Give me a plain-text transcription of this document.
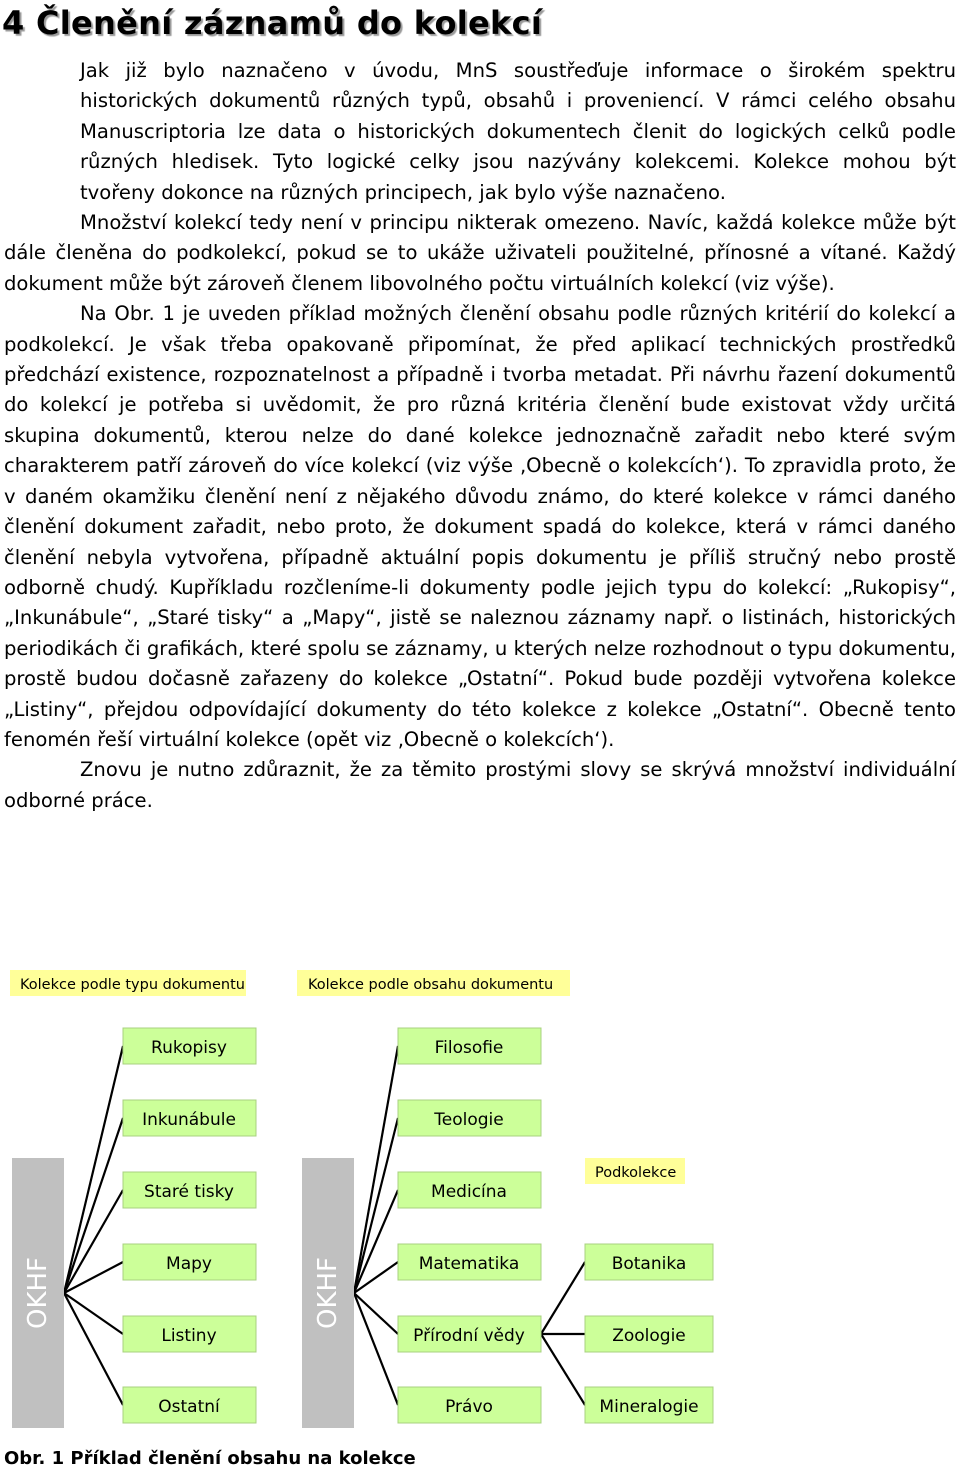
4 Členění záznamů do kolekcí

Jak již bylo naznačeno v úvodu, MnS soustřeďuje informace o širokém spektru historických dokumentů různých typů, obsahů i proveniencí. V rámci celého obsahu Manuscriptoria lze data o historických dokumentech členit do logických celků podle různých hledisek. Tyto logické celky jsou nazývány kolekcemi. Kolekce mohou být tvořeny dokonce na různých principech, jak bylo výše naznačeno.

Množství kolekcí tedy není v principu nikterak omezeno. Navíc, každá kolekce může být dále členěna do podkolekcí, pokud se to ukáže uživateli použitelné, přínosné a vítané. Každý dokument může být zároveň členem libovolného počtu virtuálních kolekcí (viz výše).

Na Obr. 1 je uveden příklad možných členění obsahu podle různých kritérií do kolekcí a podkolekcí. Je však třeba opakovaně připomínat, že před aplikací technických prostředků předchází existence, rozpoznatelnost a případně i tvorba metadat. Při návrhu řazení dokumentů do kolekcí je potřeba si uvědomit, že pro různá kritéria členění bude existovat vždy určitá skupina dokumentů, kterou nelze do dané kolekce jednoznačně zařadit nebo které svým charakterem patří zároveň do více kolekcí (viz výše ‚Obecně o kolekcích‘). To zpravidla proto, že v daném okamžiku členění není z nějakého důvodu známo, do které kolekce v rámci daného členění dokument zařadit, nebo proto, že dokument spadá do kolekce, která v rámci daného členění nebyla vytvořena, případně aktuální popis dokumentu je příliš stručný nebo prostě odborně chudý. Kupříkladu rozčleníme-li dokumenty podle jejich typu do kolekcí: „Rukopisy“, „Inkunábule“, „Staré tisky“ a „Mapy“, jistě se naleznou záznamy např. o listinách, historických periodikách či grafikách, které spolu se záznamy, u kterých nelze rozhodnout o typu dokumentu, prostě budou dočasně zařazeny do kolekce „Ostatní“. Pokud bude později vytvořena kolekce „Listiny“, přejdou odpovídající dokumenty do této kolekce z kolekce „Ostatní“. Obecně tento fenomén řeší virtuální kolekce (opět viz ‚Obecně o kolekcích‘).

Znovu je nutno zdůraznit, že za těmito prostými slovy se skrývá množství individuální odborné práce.

Kolekce podle typu dokumentu	Kolekce podle obsahu dokumentu
OKHF	OKHF
Rukopisy
Inkunábule
Staré tisky
Mapy
Listiny
Ostatní
Filosofie
Teologie
Medicína
Matematika
Přírodní vědy
Právo
Podkolekce
Botanika
Zoologie
Mineralogie

Obr. 1 Příklad členění obsahu na kolekce
